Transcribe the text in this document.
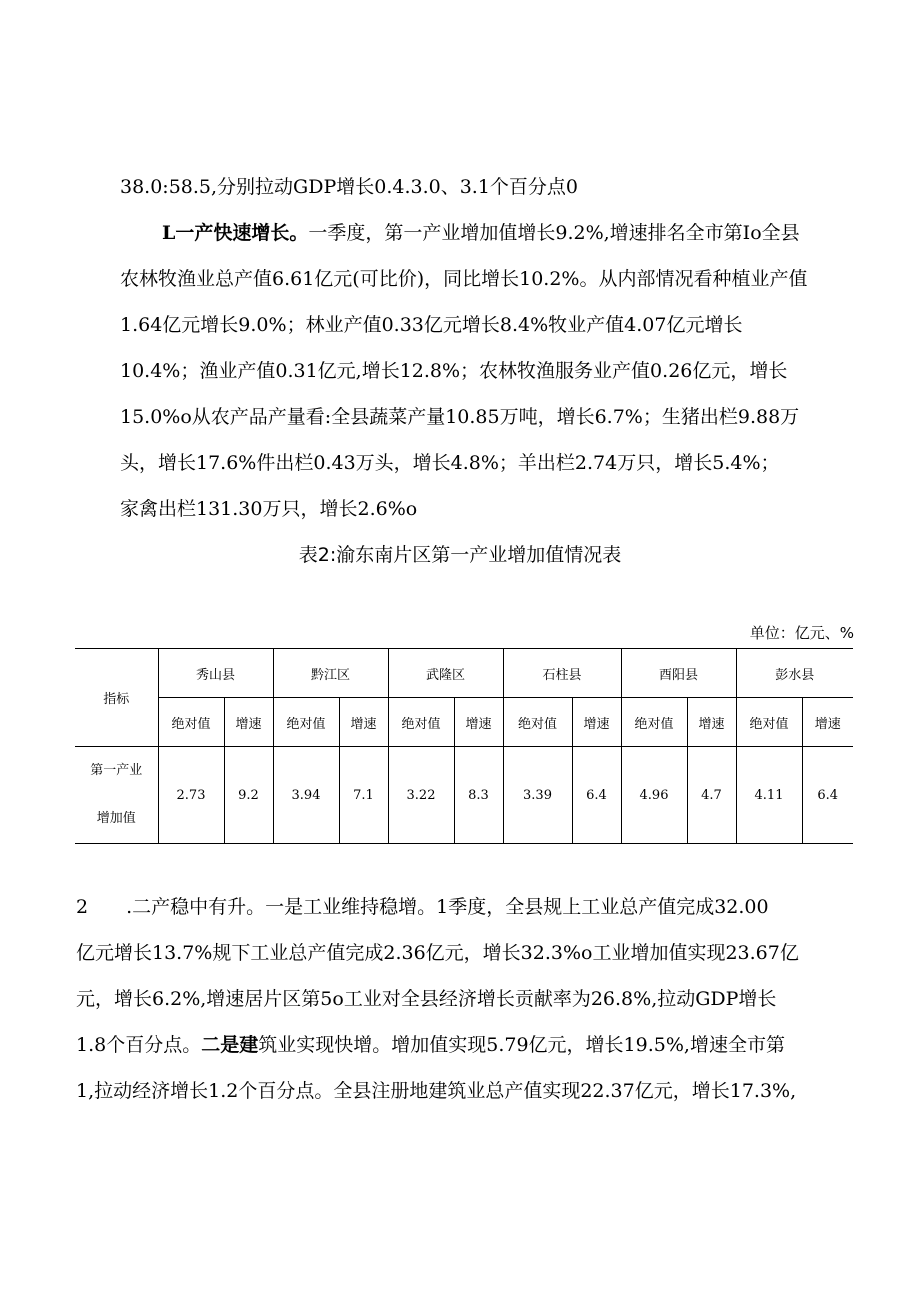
38.0:58.5,分别拉动GDP增长0.4.3.0、3.1个百分点0
L一产快速增长。一季度，第一产业增加值增长9.2%,增速排名全市第Io全县
农林牧渔业总产值6.61亿元(可比价)，同比增长10.2%。从内部情况看种植业产值
1.64亿元增长9.0%；林业产值0.33亿元增长8.4%牧业产值4.07亿元增长
10.4%；渔业产值0.31亿元,增长12.8%；农林牧渔服务业产值0.26亿元，增长
15.0%o从农产品产量看:全县蔬菜产量10.85万吨，增长6.7%；生猪出栏9.88万
头，增长17.6%件出栏0.43万头，增长4.8%；羊出栏2.74万只，增长5.4%；
家禽出栏131.30万只，增长2.6%o
表2:渝东南片区第一产业增加值情况表
单位：亿元、%
指标	秀山县		黔江区		武隆区		石柱县		酉阳县		彭水县	
	绝对值	增速	绝对值	增速	绝对值	增速	绝对值	增速	绝对值	增速	绝对值	增速

第一产业
增加值	2.73	9.2	3.94	7.1	3.22	8.3	3.39	6.4	4.96	4.7	4.11	6.4
2　　.二产稳中有升。一是工业维持稳增。1季度，全县规上工业总产值完成32.00
亿元增长13.7%规下工业总产值完成2.36亿元，增长32.3%o工业增加值实现23.67亿
元，增长6.2%,增速居片区第5o工业对全县经济增长贡献率为26.8%,拉动GDP增长
1.8个百分点。二是建筑业实现快增。增加值实现5.79亿元，增长19.5%,增速全市第
1,拉动经济增长1.2个百分点。全县注册地建筑业总产值实现22.37亿元，增长17.3%,
